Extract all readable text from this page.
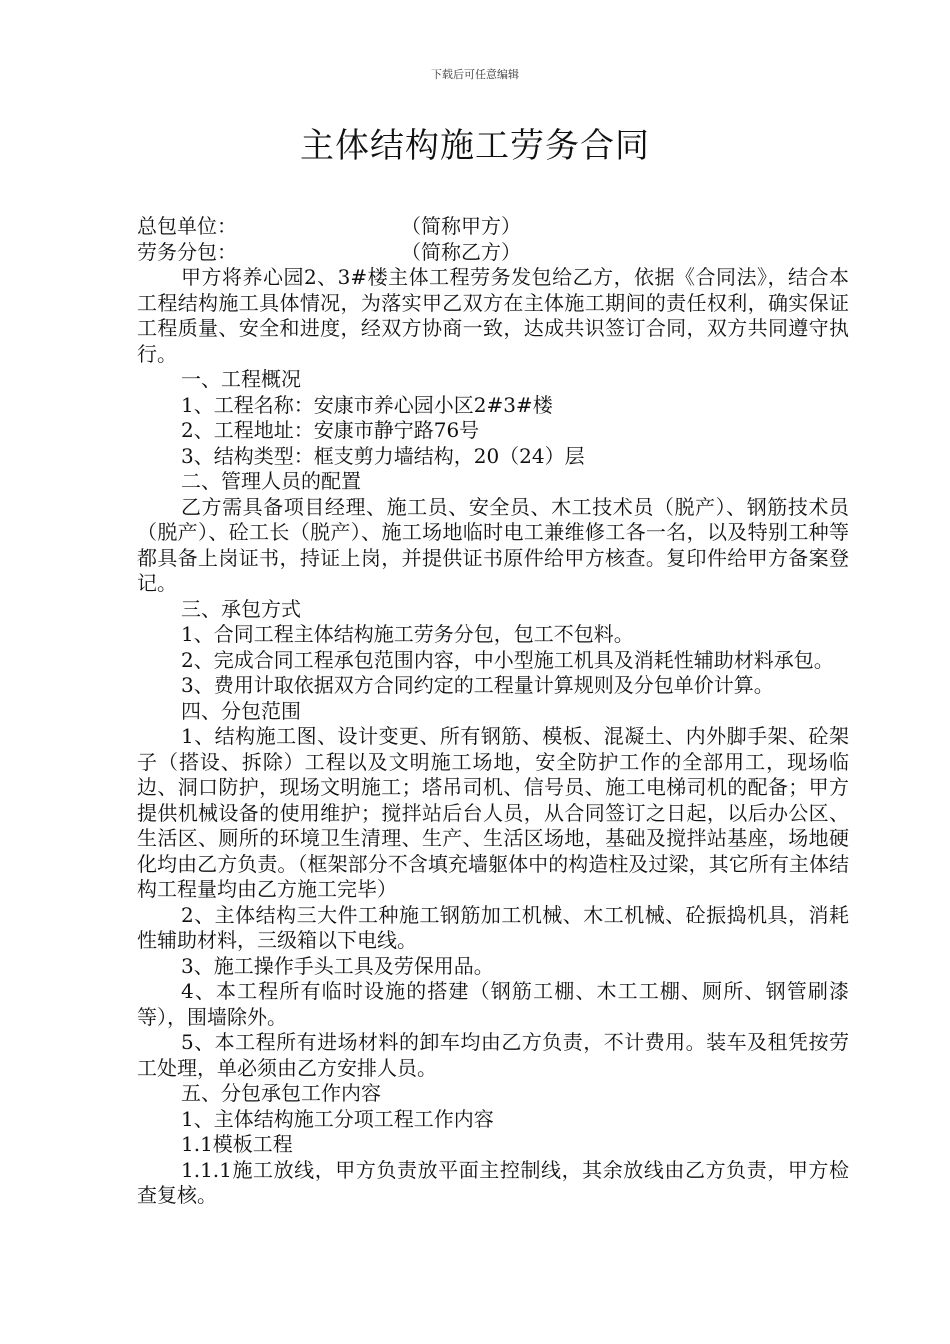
下载后可任意编辑
主体结构施工劳务合同
总包单位：	（简称甲方）
劳务分包：	（简称乙方）
甲方将养心园2、3#楼主体工程劳务发包给乙方，依据《合同法》，结合本工程结构施工具体情况，为落实甲乙双方在主体施工期间的责任权利，确实保证工程质量、安全和进度，经双方协商一致，达成共识签订合同，双方共同遵守执行。
一、工程概况
1、工程名称：安康市养心园小区2#3#楼
2、工程地址：安康市静宁路76号
3、结构类型：框支剪力墙结构，20（24）层
二、管理人员的配置
乙方需具备项目经理、施工员、安全员、木工技术员（脱产）、钢筋技术员（脱产）、砼工长（脱产）、施工场地临时电工兼维修工各一名，以及特别工种等都具备上岗证书，持证上岗，并提供证书原件给甲方核查。复印件给甲方备案登记。
三、承包方式
1、合同工程主体结构施工劳务分包，包工不包料。
2、完成合同工程承包范围内容，中小型施工机具及消耗性辅助材料承包。
3、费用计取依据双方合同约定的工程量计算规则及分包单价计算。
四、分包范围
1、结构施工图、设计变更、所有钢筋、模板、混凝土、内外脚手架、砼架子（搭设、拆除）工程以及文明施工场地，安全防护工作的全部用工，现场临边、洞口防护，现场文明施工；塔吊司机、信号员、施工电梯司机的配备；甲方提供机械设备的使用维护；搅拌站后台人员，从合同签订之日起，以后办公区、生活区、厕所的环境卫生清理、生产、生活区场地，基础及搅拌站基座，场地硬化均由乙方负责。（框架部分不含填充墙躯体中的构造柱及过梁，其它所有主体结构工程量均由乙方施工完毕）
2、主体结构三大件工种施工钢筋加工机械、木工机械、砼振捣机具，消耗性辅助材料，三级箱以下电线。
3、施工操作手头工具及劳保用品。
4、本工程所有临时设施的搭建（钢筋工棚、木工工棚、厕所、钢管刷漆等），围墙除外。
5、本工程所有进场材料的卸车均由乙方负责，不计费用。装车及租凭按劳工处理，单必须由乙方安排人员。
五、分包承包工作内容
1、主体结构施工分项工程工作内容
1.1模板工程
1.1.1施工放线，甲方负责放平面主控制线，其余放线由乙方负责，甲方检查复核。
